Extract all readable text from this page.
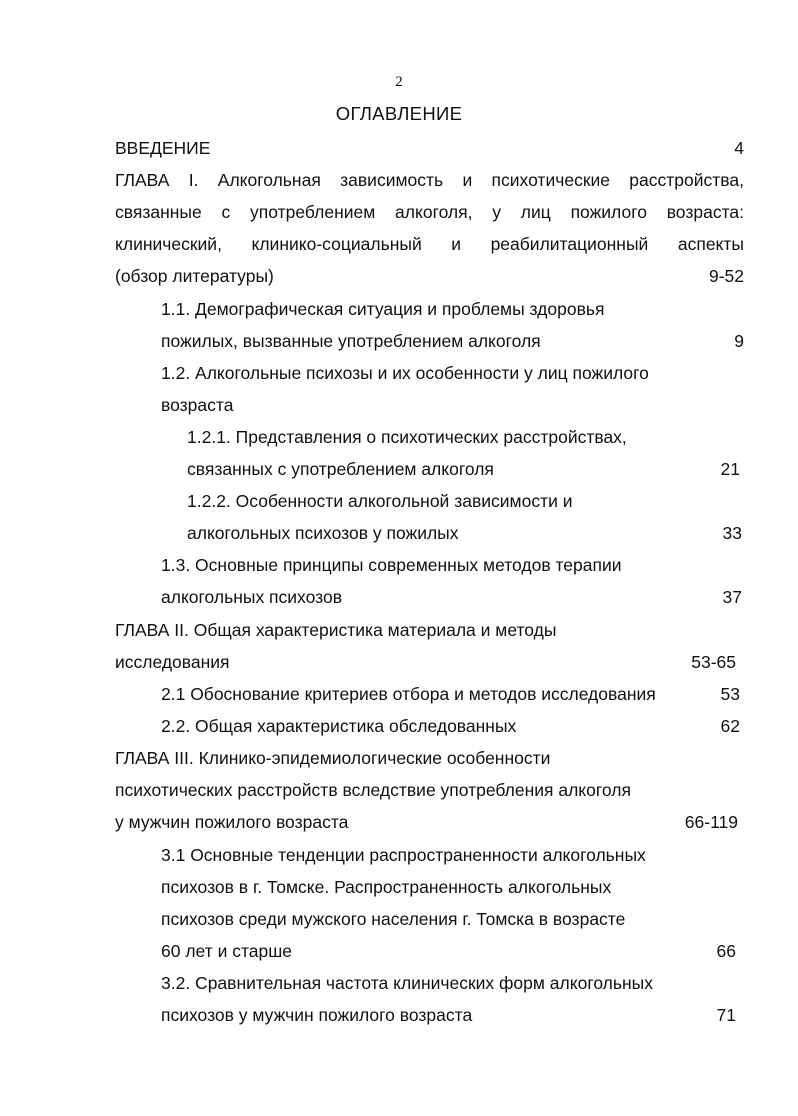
2
ОГЛАВЛЕНИЕ
ВВЕДЕНИЕ	4
ГЛАВА I. Алкогольная зависимость и психотические расстройства,
связанные с употреблением алкоголя, у лиц пожилого возраста:
клинический, клинико-социальный и реабилитационный аспекты
(обзор литературы)	9-52
1.1. Демографическая ситуация и проблемы здоровья
пожилых, вызванные употреблением алкоголя	9
1.2. Алкогольные психозы и их особенности у лиц пожилого
возраста
1.2.1. Представления о психотических расстройствах,
связанных с употреблением алкоголя	21
1.2.2. Особенности алкогольной зависимости и
алкогольных психозов у пожилых	33
1.3. Основные принципы современных методов терапии
алкогольных психозов	37
ГЛАВА II. Общая характеристика материала и методы
исследования	53-65
2.1 Обоснование критериев отбора и методов исследования	53
2.2. Общая характеристика обследованных	62
ГЛАВА III. Клинико-эпидемиологические особенности
психотических расстройств вследствие употребления алкоголя
у мужчин пожилого возраста	66-119
3.1 Основные тенденции распространенности алкогольных
психозов в г. Томске. Распространенность алкогольных
психозов среди мужского населения г. Томска в возрасте
60 лет и старше	66
3.2. Сравнительная частота клинических форм алкогольных
психозов у мужчин пожилого возраста	71
